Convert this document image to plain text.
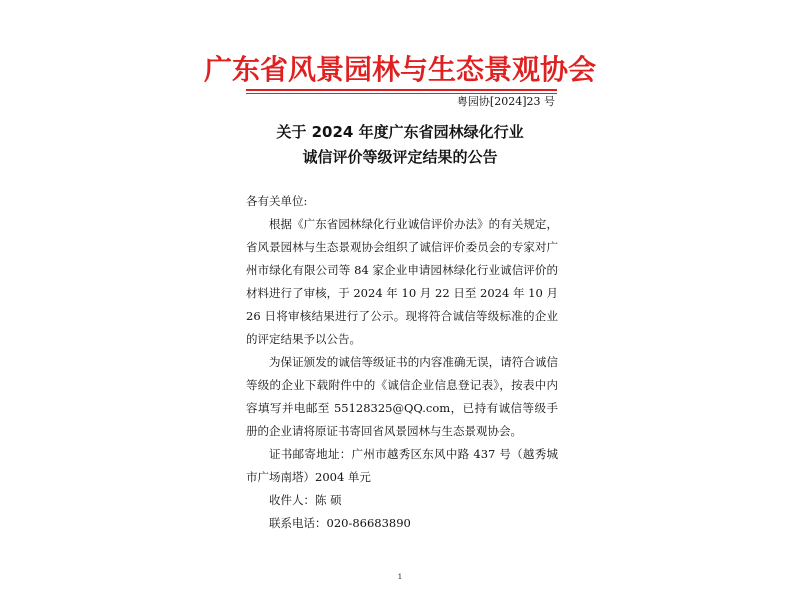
广东省风景园林与生态景观协会
粤园协[2024]23 号
关于 2024 年度广东省园林绿化行业
诚信评价等级评定结果的公告

各有关单位:

根据《广东省园林绿化行业诚信评价办法》的有关规定，省风景园林与生态景观协会组织了诚信评价委员会的专家对广州市绿化有限公司等 84 家企业申请园林绿化行业诚信评价的材料进行了审核，于 2024 年 10 月 22 日至 2024 年 10 月 26 日将审核结果进行了公示。现将符合诚信等级标准的企业的评定结果予以公告。

为保证颁发的诚信等级证书的内容准确无误，请符合诚信等级的企业下载附件中的《诚信企业信息登记表》，按表中内容填写并电邮至 55128325@QQ.com，已持有诚信等级手册的企业请将原证书寄回省风景园林与生态景观协会。

证书邮寄地址：广州市越秀区东风中路 437 号（越秀城市广场南塔）2004 单元

收件人：陈 硕

联系电话：020-86683890

1
